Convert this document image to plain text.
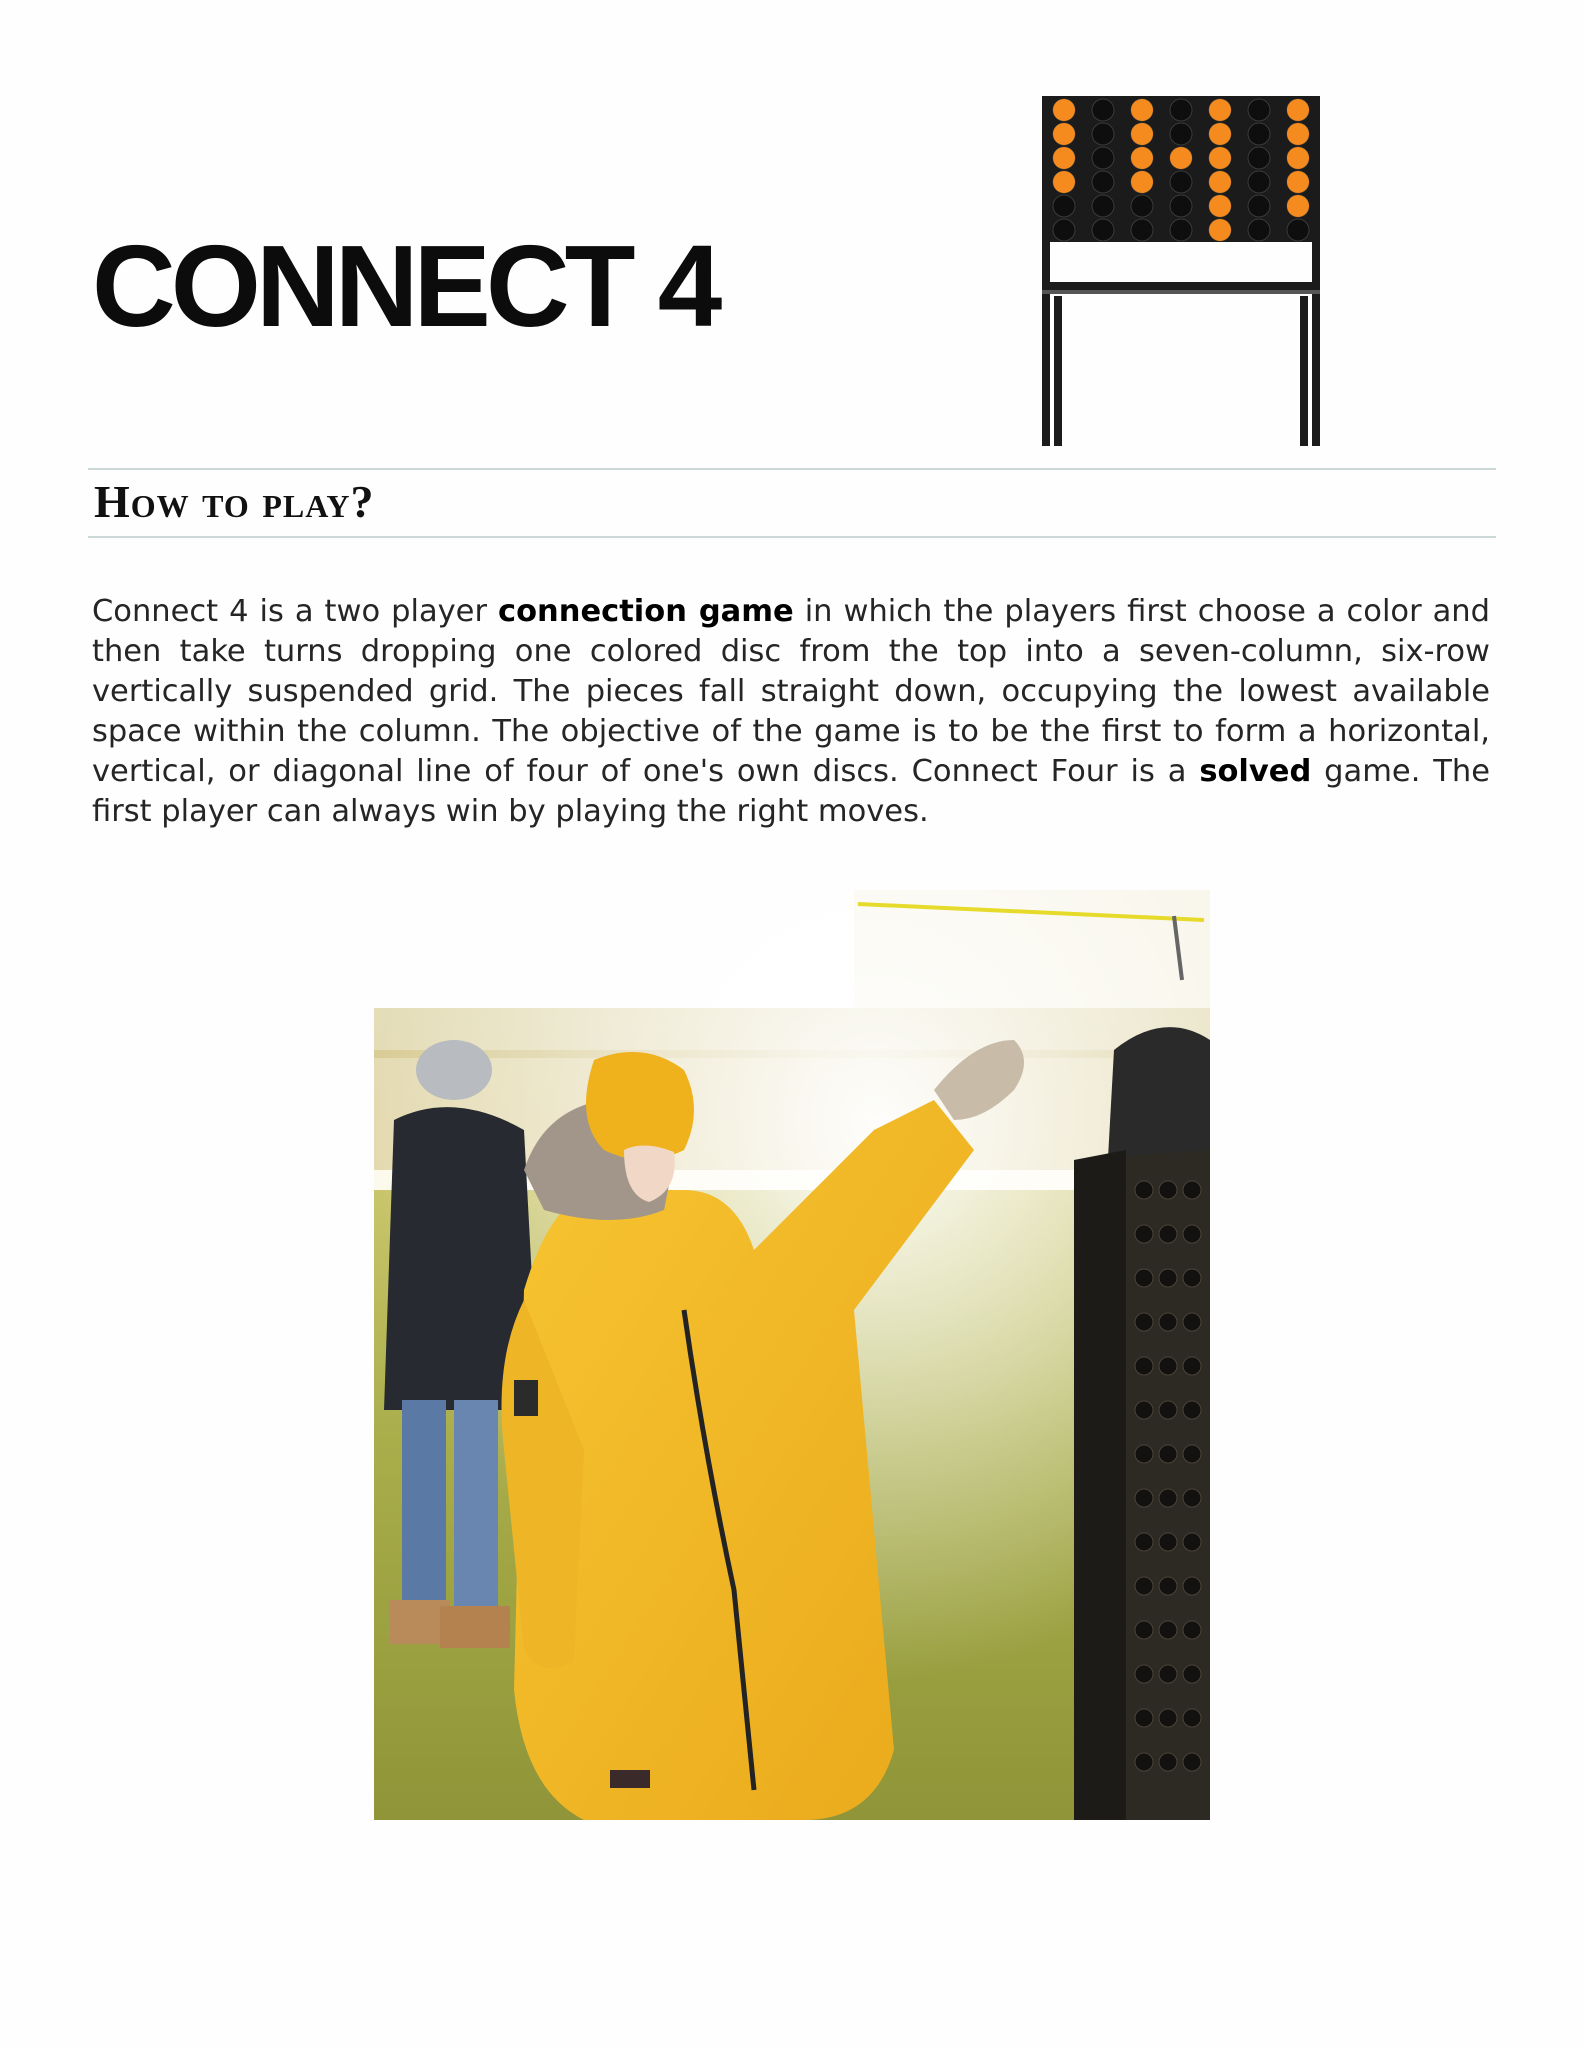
CONNECT 4
How to play?

Connect 4 is a two player connection game in which the players first choose a color and then take turns dropping one colored disc from the top into a seven-column, six-row vertically suspended grid. The pieces fall straight down, occupying the lowest available space within the column. The objective of the game is to be the first to form a horizontal, vertical, or diagonal line of four of one's own discs. Connect Four is a solved game. The first player can always win by playing the right moves.
